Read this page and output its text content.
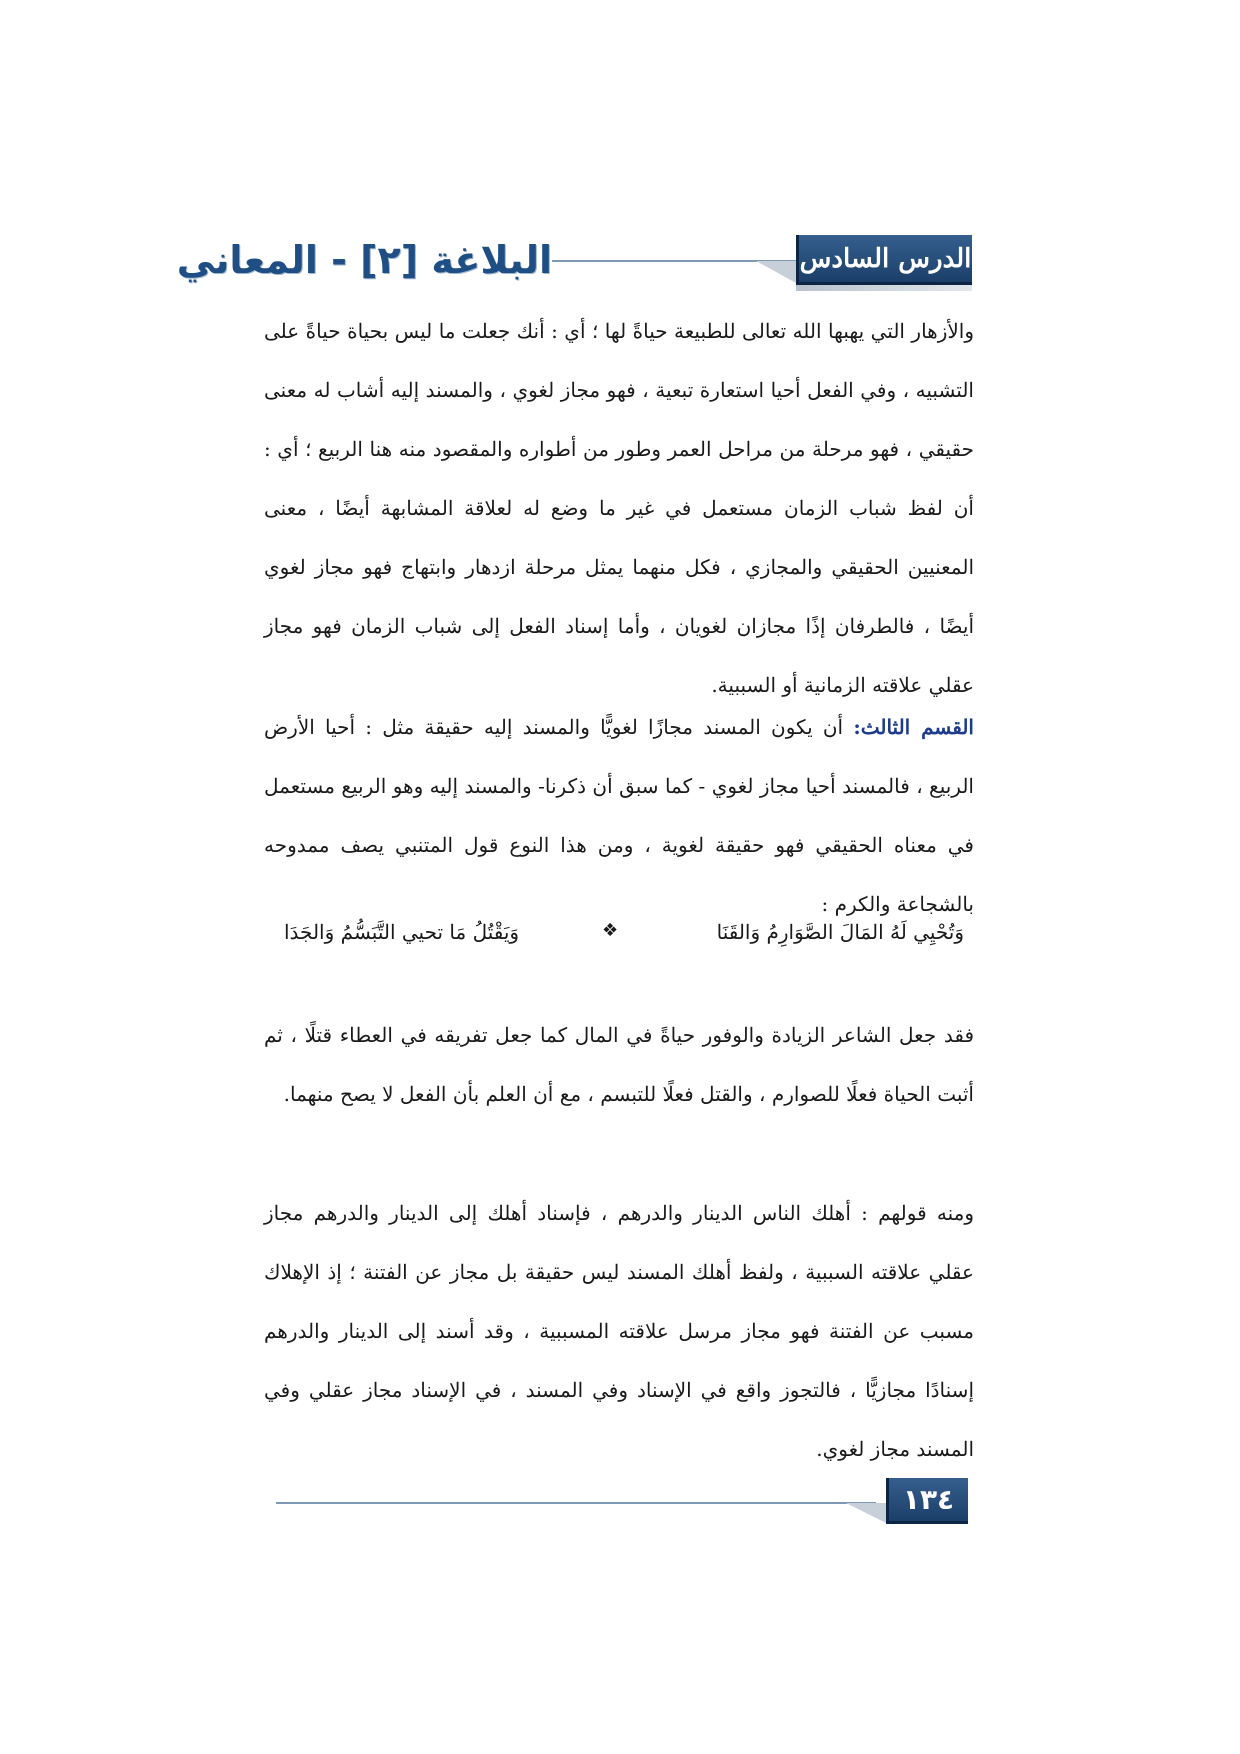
الدرس السادس
البلاغة [٢] - المعاني

والأزهار التي يهبها الله تعالى للطبيعة حياةً لها ؛ أي : أنك جعلت ما ليس بحياة حياةً على التشبيه ، وفي الفعل أحيا استعارة تبعية ، فهو مجاز لغوي ، والمسند إليه أشاب له معنى حقيقي ، فهو مرحلة من مراحل العمر وطور من أطواره والمقصود منه هنا الربيع ؛ أي : أن لفظ شباب الزمان مستعمل في غير ما وضع له لعلاقة المشابهة أيضًا ، معنى المعنيين الحقيقي والمجازي ، فكل منهما يمثل مرحلة ازدهار وابتهاج فهو مجاز لغوي أيضًا ، فالطرفان إذًا مجازان لغويان ، وأما إسناد الفعل إلى شباب الزمان فهو مجاز عقلي علاقته الزمانية أو السببية.

القسم الثالث: أن يكون المسند مجازًا لغويًّا والمسند إليه حقيقة مثل : أحيا الأرض الربيع ، فالمسند أحيا مجاز لغوي - كما سبق أن ذكرنا- والمسند إليه وهو الربيع مستعمل في معناه الحقيقي فهو حقيقة لغوية ، ومن هذا النوع قول المتنبي يصف ممدوحه بالشجاعة والكرم :

وَتُحْيِي لَهُ المَالَ الصَّوَارِمُ وَالقَنَا
❖
وَيَقْتُلُ مَا تحيي التَّبَسُّمُ وَالجَدَا

فقد جعل الشاعر الزيادة والوفور حياةً في المال كما جعل تفريقه في العطاء قتلًا ، ثم أثبت الحياة فعلًا للصوارم ، والقتل فعلًا للتبسم ، مع أن العلم بأن الفعل لا يصح منهما.

ومنه قولهم : أهلك الناس الدينار والدرهم ، فإسناد أهلك إلى الدينار والدرهم مجاز عقلي علاقته السببية ، ولفظ أهلك المسند ليس حقيقة بل مجاز عن الفتنة ؛ إذ الإهلاك مسبب عن الفتنة فهو مجاز مرسل علاقته المسببية ، وقد أسند إلى الدينار والدرهم إسنادًا مجازيًّا ، فالتجوز واقع في الإسناد وفي المسند ، في الإسناد مجاز عقلي وفي المسند مجاز لغوي.

١٣٤
